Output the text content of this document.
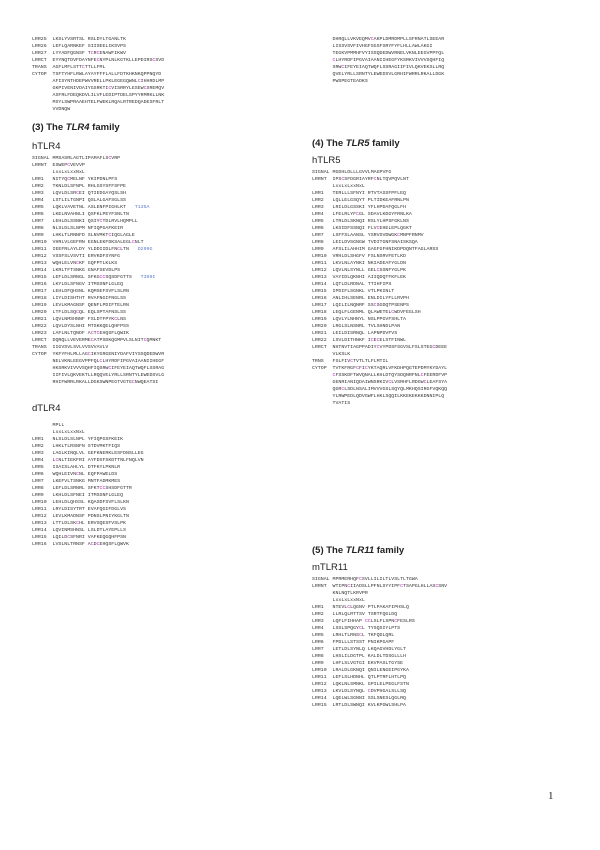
LRR25  LKSLYVSRTSL RSLDYLTGANLTK
LRR26  LEFLQARNKEF SIISEELIKSVPS
LRR27  LYYADFQGNSF TCRCENAWFIKWV
LRRCT  EYYNQTDVFDAYNFECNYPLNLKGTKLLEPDIRSCSVD
TRANS  AGFLMFLSTTCTTLLFML
CYTOP  TSFTYHFLRWLAYAYFFFLALLFDTKHKNKQPPNQYD
AFISYNTHDEPWVVRELLPKLEGEGQWNLCIHHRDLMP
GKPIVENIVDAIYGSRKTICVISRRYLESEWCSREMQV
ASFRLFDEQKDVLILVFLEDIPTDELSPYYRMRKLLNK
MSYLSWPRAAEHTELFWEKLRQALRTREDQADESFRLT
VVDNQW
(3) The TLR4 family
hTLR4
SIGNAL MMSASRLAGTLIPAMAFLSCVRP
LRRNT  ESWEPCVEVVP
LxxLxLxxNxL
LRR1   NITYQCMELNF YKIPDNLPFS
LRR2   TKNLDLSFNPL RHLGSYSFFSFPE
LRR3   LQVLDLSRCEI QTIEDGAYQSLSH
LRR4   LSTLILTGNPI QSLALGAFSGLSS
LRR5   LQKLVAVETNL ASLENFPIGHLKT   T135A
LRR6   LKELNVAHNLI QSFKLPEYFSNLTN
LRR7   LEHLDLSSNKI QSIYCTDLRVLHQMPLL
LRR8   NLSLDLSLNPM NFIQPGAFKEIR
LRR9   LHKLTLRNNFD SLNVMKTCIQGLAGLE
LRR10  VHRLVLGEFRN EGNLEKFDKSALEGLCNLT
LRR11  IEEFRLAYLDY YLDDIIDLFNCLTN   D299G
LRR12  VSSFSLVSVTI ERVKDFSYNFG
LRR13  WQHLELVNCKF GQFPTLKLKS
LRR14  LKRLTFTSNKG GNAFSEVDLPS
LRR15  LEFLDLSRNGL SFKGCCSQSDFGTTS   T399I
LRR16  LKYLDLSFNGV ITMSSNFLGLEQ
LRR17  LEHLDFQHSNL KQMSEFSVFLSLRN
LRR18  LIYLDISHTHT RVAFNGIFNGLSS
LRR19  LEVLKMAGNSF QENFLPDIFTELRN
LRR20  LTFLDLSQCQL EQLSPTAFNSLSS
LRR21  LQVLNMSHNNF FSLDTFPYKCLNS
LRR22  LQVLDYSLNHI MTSKKQELQHFPSS
LRR23  LAFLNLTQNDF ACTCEHQSFLQWIK
LRRCT  DQRQLLVEVERMECATPSDKQGMPVLSLNITCQMNKT
TRANS  IIGVSVLSVLVVSVVAVLV
CYTOP  YKFYFHLMLLAGCIKYGRGENIYDAFVIYSSQDEDWVR
NELVKNLEEGVPPFQLCLHYRDFIPGVAIAANIIHEGF
HKSRKVIVVVSQHFIQSRWCIFEYEIAQTWQFLSSRAG
IIFIVLQKVEKTLLRQQVELYRLLSRNTYLEWEDSVLG
RHIFWRRLRKALLDGKSWNPEGTVGTGCNWQEATSI
dTLR4
MPLL
LxxLxLxxNxL
LRR1   NLSLDLSLNPL YFIQPGSFKEIK
LRR2   LHKLTLRSNFN STDVMKTFIQS
LRR3   LAGLKINQLVL GEFKNERKLESFDNSLLEG
LRR4   LCNLTIEKFRI AYFDSFSKDTTNLFNQLVN
LRR5   ISAISLAHLYL DTFKYLPKNLR
LRR6   WQHLEIVNCNL EQFPAWELDS
LRR7   LKEFVLTSNKG MNTFADMKMES
LRR8   LEFLDLSRNRL SFKTCCSHSDFGTTR
LRR9   LKHLDLSFNEI ITMSSNFLGLEQ
LRR10  LEHLDLQHSSL KQASDFSVFLSLKN
LRR11  LRYLDISYTRT EVAFQGIFDGLVS
LRR12  LEVLKMADNSF PDNSLPNIYKGLTN
LRR13  LTTLDLSKCHL ERVSQESFVSLPK
LRR14  LQVINMSHNSL LSLDTLAYEPLLS
LRR15  LQILDCSFNRI VAFKEQGQHFPSN
LRR16  LVSLNLTRNSF ACDCEHQSFLQWVK
DHRQLLVKVEQMVCAKPLDMRDMPLLSFRNATLSEEAR
LISSVSVFIVHGFSGSFSRYFYFLHLLAWLAKGI
TEGKVPMMHFVYISSQDEDWVRNELVKNLEEGVPPFQL
CLHYRDFIPGVAIAANIIHEGFYKSRKVIVVVSQHFIQ
SRWCIFEYEIAQTWQFLSSRAGIIFIVLQKVEKSLLRQ
QVELYRLLSRNTYLEWEDSVLGRHIFWRRLRKALLDGK
PWSPEGTEADKS
(4) The TLR5 family
hTLR5
SIGNAL MGDHLDLLLGVVLMAGPVFG
LRRNT  IPSCSFDGRIAYRFCNLTQVPQVLNT
LxxLxLxxNxL
LRR1   TERLLLSFNYI RTVTASSFPFLEQ
LRR2   LQLLELGSQYT PLTIDKEAFRNLPN
LRR3   LRILDLGSSKI YFLHPDAFQGLFH
LRR4   LFELRLYFCGL SDAVLKDGYFRNLKA
LRR5   LTRLDLSKNQI RSLYLHPSFGKLNS
LRR6   LKSIDFSSNQI FLVCEHELEPLQGKT
LRR7   LSFFSLAANSL YSRVSVDWGKCMNPFRNMV
LRR8   LEILDVSGNGW TVDITGNFSNAISKSQA
LRR9   AFSLILAHHIM GAGFGFHNIKDPDQNTFAGLARSS
LRR10  VRHLDLSHGFV FSLNSRVFETLKD
LRR11  LKVLNLAYNKI NKIADEAFYGLDN
LRR12  LQVLNLSYNLL GELCSSNFYGLPK
LRR13  VAYIDLQKNHI AIIQDQTFKFLEK
LRR14  LQTLDLRDNAL TTIHFIPS
LRR15  IPDIFLSGNKL VTLPKINLT
LRR16  ANLIHLSENRL ENLDILYFLLRVPH
LRR17  LQILILNQNRF SSCSGDQTPSENPS
LRR18  LEQLFLGENML QLAWETELCWDVFEGLSH
LRR19  LQVLYLNHNYL NSLPPGVFSHLTA
LRR20  LRGLSLNSNRL TVLSHNDLPAN
LRR21  LEILDISRNQL LAPNPDVFVS
LRR22  LSVLDITHNKF ICECELSTFINWL
LRRCT  NHTNVTIAGPPADIYCVYPDSFSGVSLFSLSTEGCDEEE
VLKSLK
TRNS   FSLFIVCTVTLTLFLMTIL
CYTOP  TVTKFRGFCFICYKTAQRLVFKDHPQGTEPDMYKYDAYL
CFSSKDFTWVQNALLKHLDTQYSDQNRFNLCFEERDFVP
GENRIANIQDAIWNSRKIVCLVSRHFLRDGWCLEAFSYA
QGRCLSDLNSALIMVVVGSLSQYQLMKHQSIRGFVQKQQ
YLRWPEDLQDVGWFLHKLSQQILKKEKEKKKDNNIPLQ
TVATIS
(5) The TLR11 family
mTLR11
SIGNAL MPRMERHQFCSVLLILILTLVSLTLTGWA
LRRNT  WTIPNCIIADSLLPFNLSYYIPFCTSAPGLHLLASCSNV
KNLNQTLKRVPR
LxxLxLxxNxL
LRR1   NTEVLCLQGNV PTLPAKAFIPHSLQ
LRR2   LLRLQLRTTSV TSRTFQGLDQ
LRR3   LQFLFIHHAP CCLSLFLSPNCFESLRS
LRR4   LSSLSPQGYCL TYSQSIYLPTS
LRR5   LRHLTLRNSCL TKFQDLQRL
LRR6   FPDLLLSTSST PNIKPGAPF
LRR7   LETLDLSYNLQ LKQAGVHDLYGLT
LRR8   LHSLILDGTPL KALDLTDSGLLLH
LRR9   LHFLSLVGTGI EKVPASLTGYSE
LRR10  LRALDLGKNQI QNILENGEIPGYKA
LRR11  LEFLSLHDNHL QTLPTRFLHTLPQ
LRR12  LQKLNLSMNKL GPILELPEGLFSTN
LRR13  LKVLDLSYNQL CDVPHGALSLLSQ
LRR14  LQELWLSGNNI SSLSNESLQGLRQ
LRR15  LRTLDLSWNQI KVLKPGWLSHLPA
1
